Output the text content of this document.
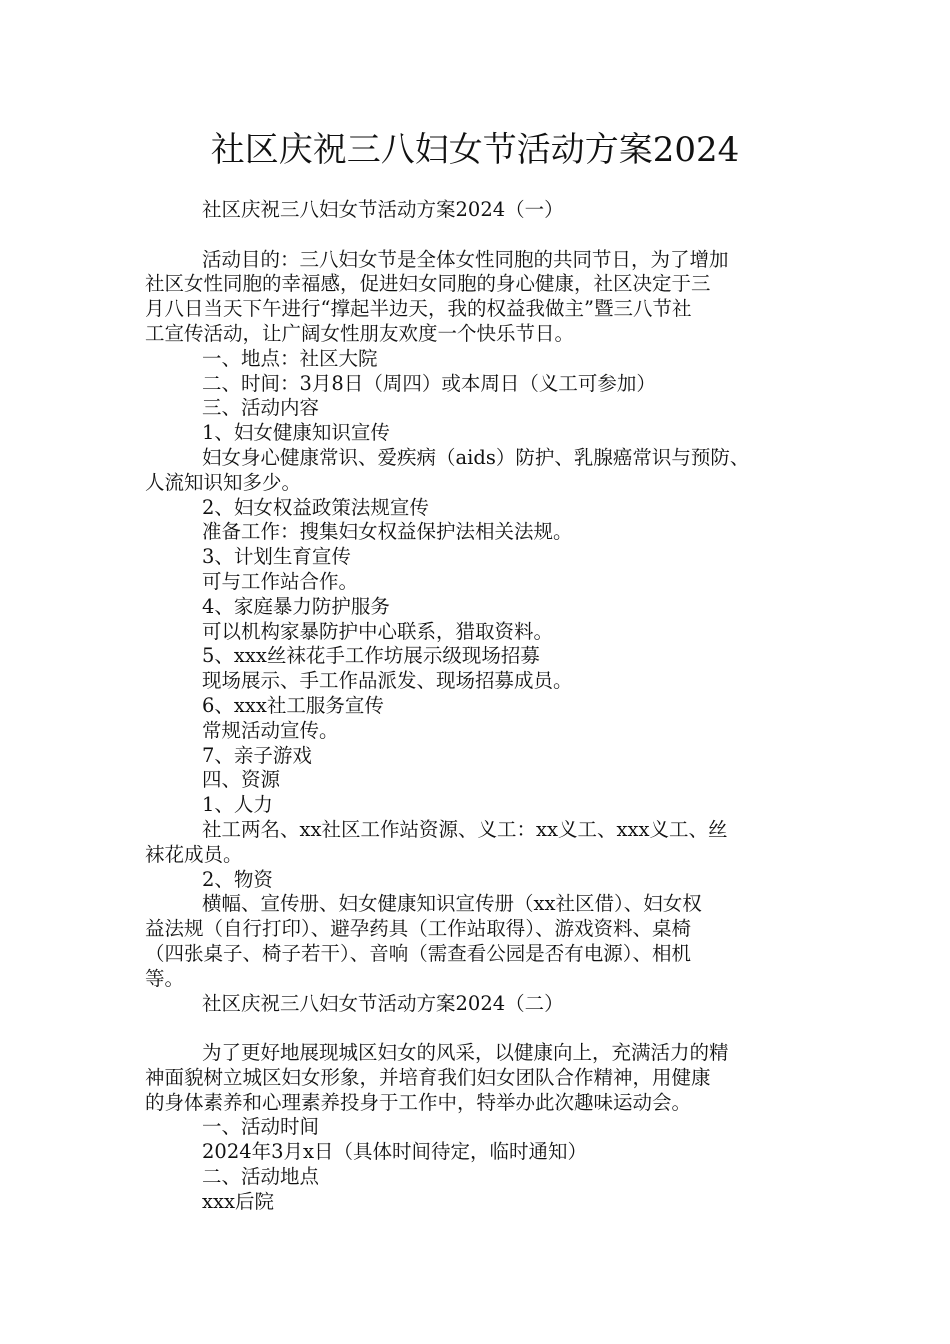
社区庆祝三八妇女节活动方案2024

社区庆祝三八妇女节活动方案2024（一）

活动目的：三八妇女节是全体女性同胞的共同节日，为了增加

社区女性同胞的幸福感，促进妇女同胞的身心健康，社区决定于三

月八日当天下午进行“撑起半边天，我的权益我做主”暨三八节社

工宣传活动，让广阔女性朋友欢度一个快乐节日。

一、地点：社区大院

二、时间：3月8日（周四）或本周日（义工可参加）

三、活动内容

1、妇女健康知识宣传

妇女身心健康常识、爱疾病（aids）防护、乳腺癌常识与预防、

人流知识知多少。

2、妇女权益政策法规宣传

准备工作：搜集妇女权益保护法相关法规。

3、计划生育宣传

可与工作站合作。

4、家庭暴力防护服务

可以机构家暴防护中心联系，猎取资料。

5、xxx丝袜花手工作坊展示级现场招募

现场展示、手工作品派发、现场招募成员。

6、xxx社工服务宣传

常规活动宣传。

7、亲子游戏

四、资源

1、人力

社工两名、xx社区工作站资源、义工：xx义工、xxx义工、丝

袜花成员。

2、物资

横幅、宣传册、妇女健康知识宣传册（xx社区借）、妇女权

益法规（自行打印）、避孕药具（工作站取得）、游戏资料、桌椅

（四张桌子、椅子若干）、音响（需查看公园是否有电源）、相机

等。

社区庆祝三八妇女节活动方案2024（二）

为了更好地展现城区妇女的风采，以健康向上，充满活力的精

神面貌树立城区妇女形象，并培育我们妇女团队合作精神，用健康

的身体素养和心理素养投身于工作中，特举办此次趣味运动会。

一、活动时间

2024年3月x日（具体时间待定，临时通知）

二、活动地点

xxx后院
